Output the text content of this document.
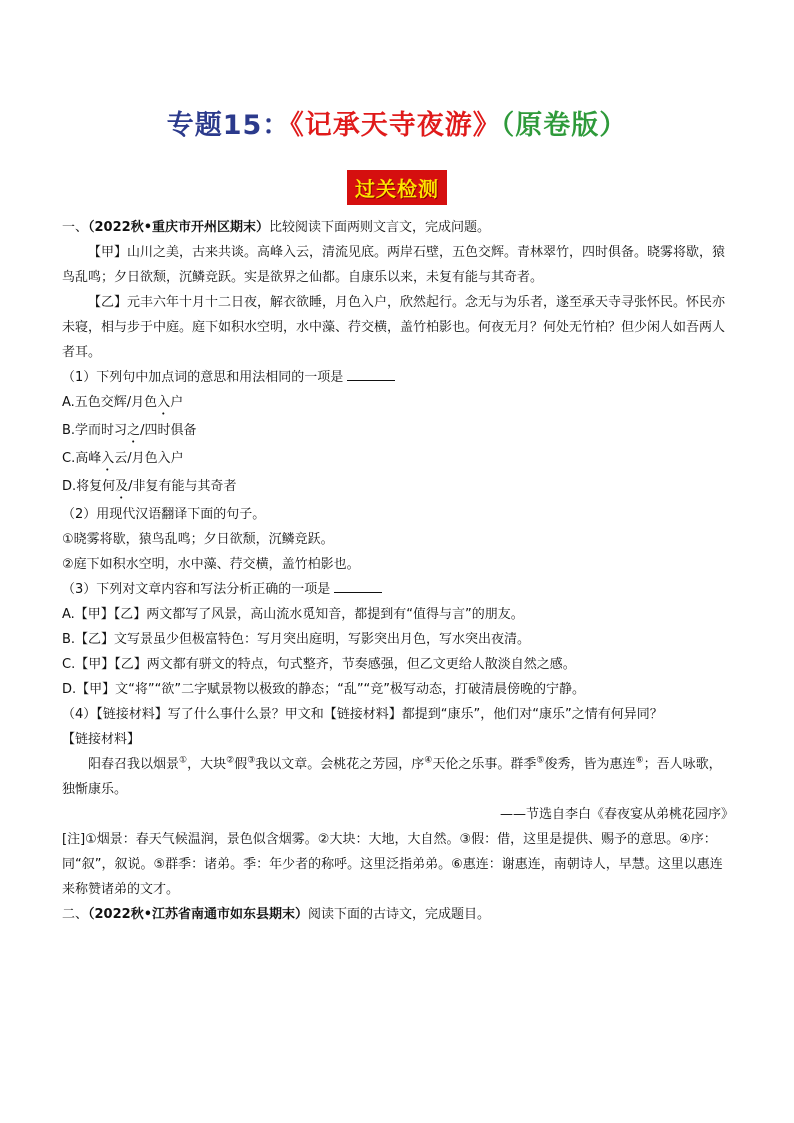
专题15：《记承天寺夜游》（原卷版）
过关检测

一、（2022秋•重庆市开州区期末）比较阅读下面两则文言文，完成问题。

【甲】山川之美，古来共谈。高峰入云，清流见底。两岸石壁，五色交辉。青林翠竹，四时俱备。晓雾将歇，猿鸟乱鸣；夕日欲颓，沉鳞竞跃。实是欲界之仙都。自康乐以来，未复有能与其奇者。

【乙】元丰六年十月十二日夜，解衣欲睡，月色入户，欣然起行。念无与为乐者，遂至承天寺寻张怀民。怀民亦未寝，相与步于中庭。庭下如积水空明，水中藻、荇交横，盖竹柏影也。何夜无月？何处无竹柏？但少闲人如吾两人者耳。

（1）下列句中加点词的意思和用法相同的一项是

A.五色交辉/月色入户

B.学而时习之/四时俱备

C.高峰入云/月色入户

D.将复何及/非复有能与其奇者

（2）用现代汉语翻译下面的句子。

①晓雾将歇，猿鸟乱鸣；夕日欲颓，沉鳞竞跃。

②庭下如积水空明，水中藻、荇交横，盖竹柏影也。

（3）下列对文章内容和写法分析正确的一项是

A.【甲】【乙】两文都写了风景，高山流水觅知音，都提到有“值得与言”的朋友。

B.【乙】文写景虽少但极富特色：写月突出庭明，写影突出月色，写水突出夜清。

C.【甲】【乙】两文都有骈文的特点，句式整齐，节奏感强，但乙文更给人散淡自然之感。

D.【甲】文“将”“欲”二字赋景物以极致的静态；“乱”“竞”极写动态，打破清晨傍晚的宁静。

（4）【链接材料】写了什么事什么景？甲文和【链接材料】都提到“康乐”，他们对“康乐”之情有何异同？

【链接材料】

阳春召我以烟景①，大块②假③我以文章。会桃花之芳园，序④天伦之乐事。群季⑤俊秀，皆为惠连⑥；吾人咏歌，独惭康乐。

——节选自李白《春夜宴从弟桃花园序》

[注]①烟景：春天气候温润，景色似含烟雾。②大块：大地，大自然。③假：借，这里是提供、赐予的意思。④序：同“叙”，叙说。⑤群季：诸弟。季：年少者的称呼。这里泛指弟弟。⑥惠连：谢惠连，南朝诗人，早慧。这里以惠连来称赞诸弟的文才。

二、（2022秋•江苏省南通市如东县期末）阅读下面的古诗文，完成题目。
